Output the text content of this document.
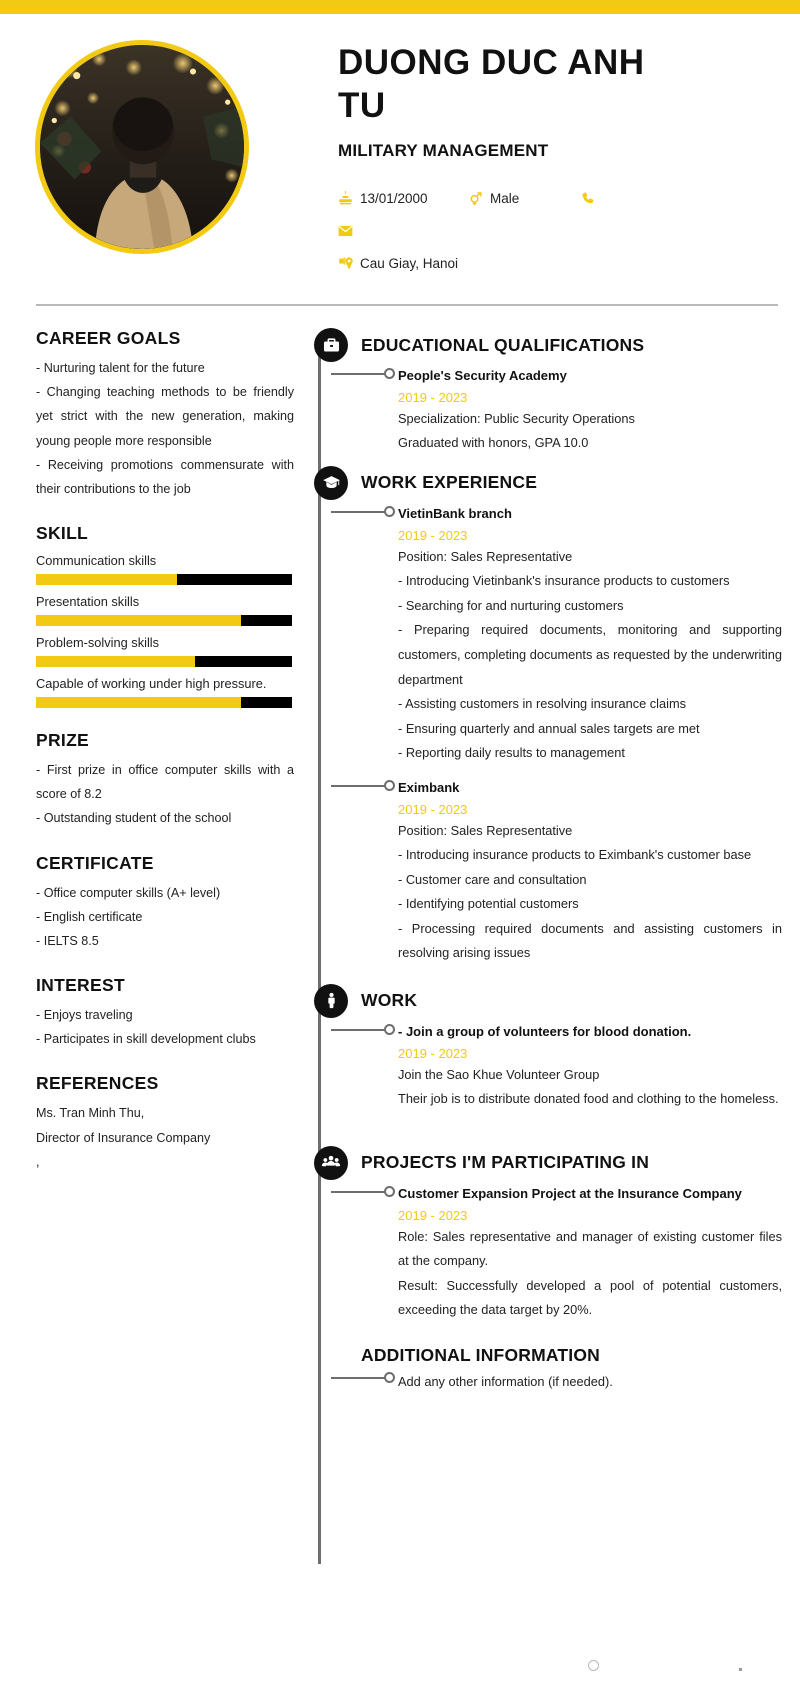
DUONG DUC ANH TU
MILITARY MANAGEMENT
13/01/2000	Male
Cau Giay, Hanoi
CAREER GOALS
- Nurturing talent for the future
- Changing teaching methods to be friendly yet strict with the new generation, making young people more responsible
- Receiving promotions commensurate with their contributions to the job
SKILL
Communication skills
Presentation skills
Problem-solving skills
Capable of working under high pressure.
PRIZE
- First prize in office computer skills with a score of 8.2
- Outstanding student of the school
CERTIFICATE
- Office computer skills (A+ level)
- English certificate
- IELTS 8.5
INTEREST
- Enjoys traveling
- Participates in skill development clubs
REFERENCES
Ms. Tran Minh Thu,
Director of Insurance Company
,
EDUCATIONAL QUALIFICATIONS
People's Security Academy
2019 - 2023
Specialization: Public Security Operations
Graduated with honors, GPA 10.0
WORK EXPERIENCE
VietinBank branch
2019 - 2023
Position: Sales Representative
- Introducing Vietinbank's insurance products to customers
- Searching for and nurturing customers
- Preparing required documents, monitoring and supporting customers, completing documents as requested by the underwriting department
- Assisting customers in resolving insurance claims
- Ensuring quarterly and annual sales targets are met
- Reporting daily results to management
Eximbank
2019 - 2023
Position: Sales Representative
- Introducing insurance products to Eximbank's customer base
- Customer care and consultation
- Identifying potential customers
- Processing required documents and assisting customers in resolving arising issues
WORK
- Join a group of volunteers for blood donation.
2019 - 2023
Join the Sao Khue Volunteer Group
Their job is to distribute donated food and clothing to the homeless.
PROJECTS I'M PARTICIPATING IN
Customer Expansion Project at the Insurance Company
2019 - 2023
Role: Sales representative and manager of existing customer files at the company.
Result: Successfully developed a pool of potential customers, exceeding the data target by 20%.
ADDITIONAL INFORMATION
Add any other information (if needed).
